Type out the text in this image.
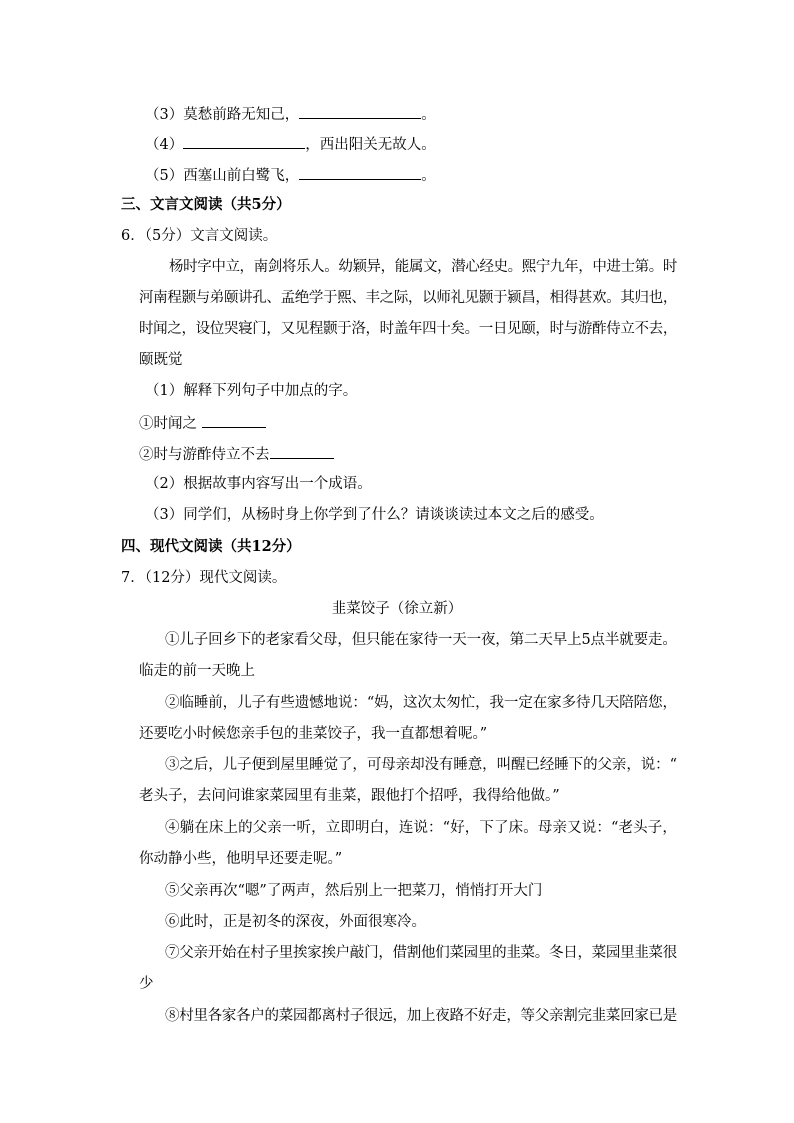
（3）莫愁前路无知己，	。
（4）	，西出阳关无故人。
（5）西塞山前白鹭飞，	。
三、文言文阅读（共5分）
6．（5分）文言文阅读。
杨时字中立，南剑将乐人。幼颖异，能属文，潜心经史。熙宁九年，中进士第。时
河南程颢与弟颐讲孔、孟绝学于熙、丰之际，以师礼见颢于颍昌，相得甚欢。其归也，
时闻之，设位哭寝门，又见程颢于洛，时盖年四十矣。一日见颐，时与游酢侍立不去，
颐既觉
（1）解释下列句子中加点的字。
①时闻之
②时与游酢侍立不去
（2）根据故事内容写出一个成语。
（3）同学们，从杨时身上你学到了什么？请谈谈读过本文之后的感受。
四、现代文阅读（共12分）
7．（12分）现代文阅读。
韭菜饺子（徐立新）
①儿子回乡下的老家看父母，但只能在家待一天一夜，第二天早上5点半就要走。
临走的前一天晚上
②临睡前，儿子有些遗憾地说：“妈，这次太匆忙，我一定在家多待几天陪陪您，
还要吃小时候您亲手包的韭菜饺子，我一直都想着呢。”
③之后，儿子便到屋里睡觉了，可母亲却没有睡意，叫醒已经睡下的父亲，说：“
老头子，去问问谁家菜园里有韭菜，跟他打个招呼，我得给他做。”
④躺在床上的父亲一听，立即明白，连说：“好，下了床。母亲又说：“老头子，
你动静小些，他明早还要走呢。”
⑤父亲再次“嗯”了两声，然后别上一把菜刀，悄悄打开大门
⑥此时，正是初冬的深夜，外面很寒冷。
⑦父亲开始在村子里挨家挨户敲门，借割他们菜园里的韭菜。冬日，菜园里韭菜很
少
⑧村里各家各户的菜园都离村子很远，加上夜路不好走，等父亲割完韭菜回家已是
